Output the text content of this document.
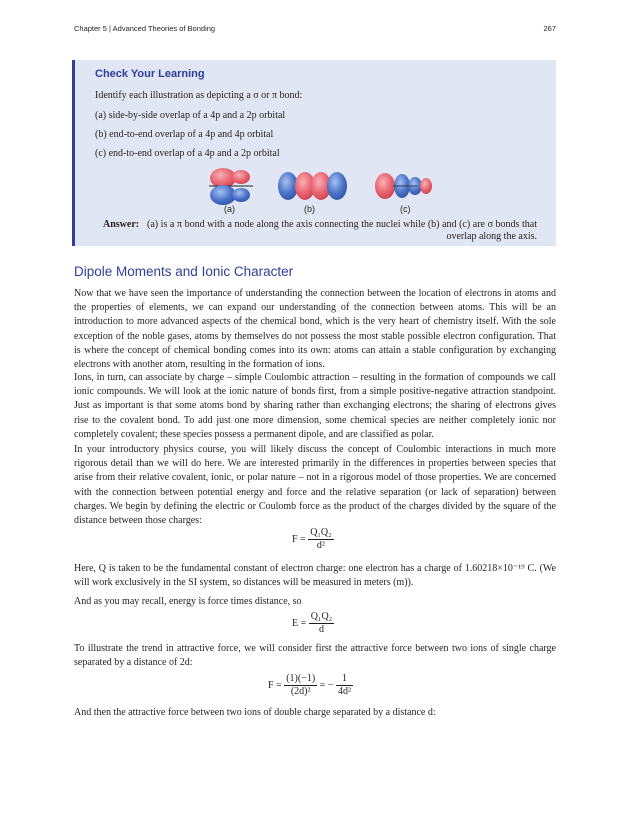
Chapter 5 | Advanced Theories of Bonding	267
Check Your Learning
Identify each illustration as depicting a σ or π bond:
(a) side-by-side overlap of a 4p and a 2p orbital
(b) end-to-end overlap of a 4p and 4p orbital
(c) end-to-end overlap of a 4p and a 2p orbital
(a)	(b)	(c)
Answer: (a) is a π bond with a node along the axis connecting the nuclei while (b) and (c) are σ bonds that overlap along the axis.
Dipole Moments and Ionic Character

Now that we have seen the importance of understanding the connection between the location of electrons in atoms and the properties of elements, we can expand our understanding of the connection between atoms. This will be an introduction to more advanced aspects of the chemical bond, which is the very heart of chemistry itself. With the sole exception of the noble gases, atoms by themselves do not possess the most stable possible electron configuration. That is where the concept of chemical bonding comes into its own: atoms can attain a stable configuration by exchanging electrons with another atom, resulting in the formation of ions.

Ions, in turn, can associate by charge – simple Coulombic attraction – resulting in the formation of compounds we call ionic compounds. We will look at the ionic nature of bonds first, from a simple positive-negative attraction standpoint. Just as important is that some atoms bond by sharing rather than exchanging electrons; the sharing of electrons gives rise to the covalent bond. To add just one more dimension, some chemical species are neither completely ionic nor completely covalent; these species possess a permanent dipole, and are classified as polar.

In your introductory physics course, you will likely discuss the concept of Coulombic interactions in much more rigorous detail than we will do here. We are interested primarily in the differences in properties between species that arise from their relative covalent, ionic, or polar nature – not in a rigorous model of those properties. We are concerned with the connection between potential energy and force and the relative separation (or lack of separation) between charges. We begin by defining the electric or Coulomb force as the product of the charges divided by the square of the distance between those charges:

$F = \frac{\text{Q₁Q₂}}{\text{d²}}$

Here, Q is taken to be the fundamental constant of electron charge: one electron has a charge of 1.60218×10⁻¹⁹ C. (We will work exclusively in the SI system, so distances will be measured in meters (m)).

And as you may recall, energy is force times distance, so

$E = \frac{\text{Q₁Q₂}}{d}$

To illustrate the trend in attractive force, we will consider first the attractive force between two ions of single charge separated by a distance of 2d:

$F = \frac{(1)(-1)}{\text{(2d)²}}$ = − $\frac{1}{\text{4d²}}$

And then the attractive force between two ions of double charge separated by a distance d:
